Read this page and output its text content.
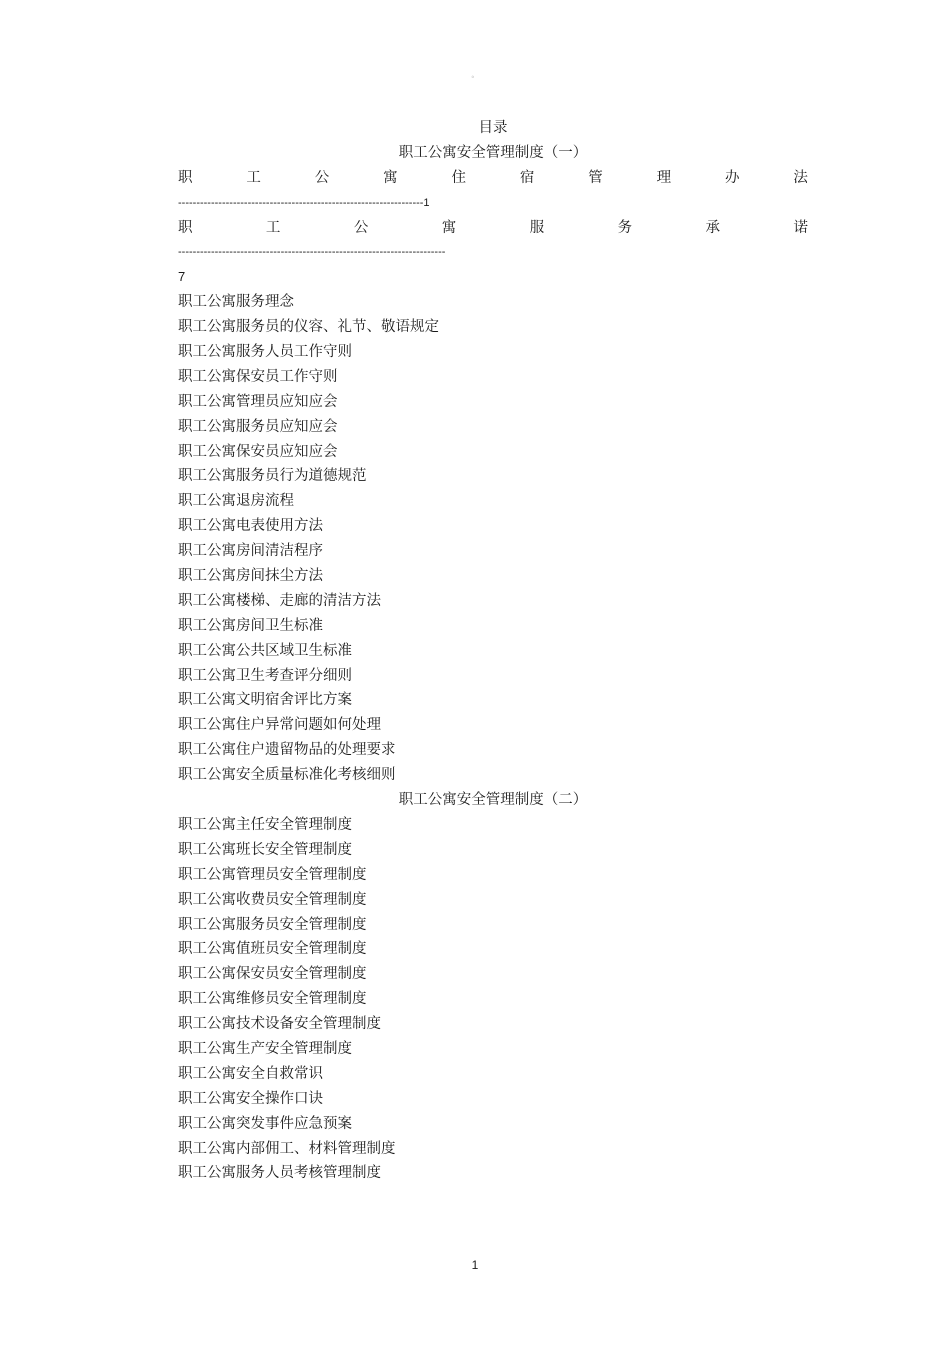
。
目录
职工公寓安全管理制度（一）
职	工	公	寓	住	宿	管	理	办	法
-------------------------------------------------------------------1
职	工	公	寓	服	务	承	诺
-------------------------------------------------------------------------
7
职工公寓服务理念
职工公寓服务员的仪容、礼节、敬语规定
职工公寓服务人员工作守则
职工公寓保安员工作守则
职工公寓管理员应知应会
职工公寓服务员应知应会
职工公寓保安员应知应会
职工公寓服务员行为道德规范
职工公寓退房流程
职工公寓电表使用方法
职工公寓房间清洁程序
职工公寓房间抹尘方法
职工公寓楼梯、走廊的清洁方法
职工公寓房间卫生标准
职工公寓公共区域卫生标准
职工公寓卫生考查评分细则
职工公寓文明宿舍评比方案
职工公寓住户异常问题如何处理
职工公寓住户遗留物品的处理要求
职工公寓安全质量标准化考核细则
职工公寓安全管理制度（二）
职工公寓主任安全管理制度
职工公寓班长安全管理制度
职工公寓管理员安全管理制度
职工公寓收费员安全管理制度
职工公寓服务员安全管理制度
职工公寓值班员安全管理制度
职工公寓保安员安全管理制度
职工公寓维修员安全管理制度
职工公寓技术设备安全管理制度
职工公寓生产安全管理制度
职工公寓安全自救常识
职工公寓安全操作口诀
职工公寓突发事件应急预案
职工公寓内部佣工、材料管理制度
职工公寓服务人员考核管理制度
1
